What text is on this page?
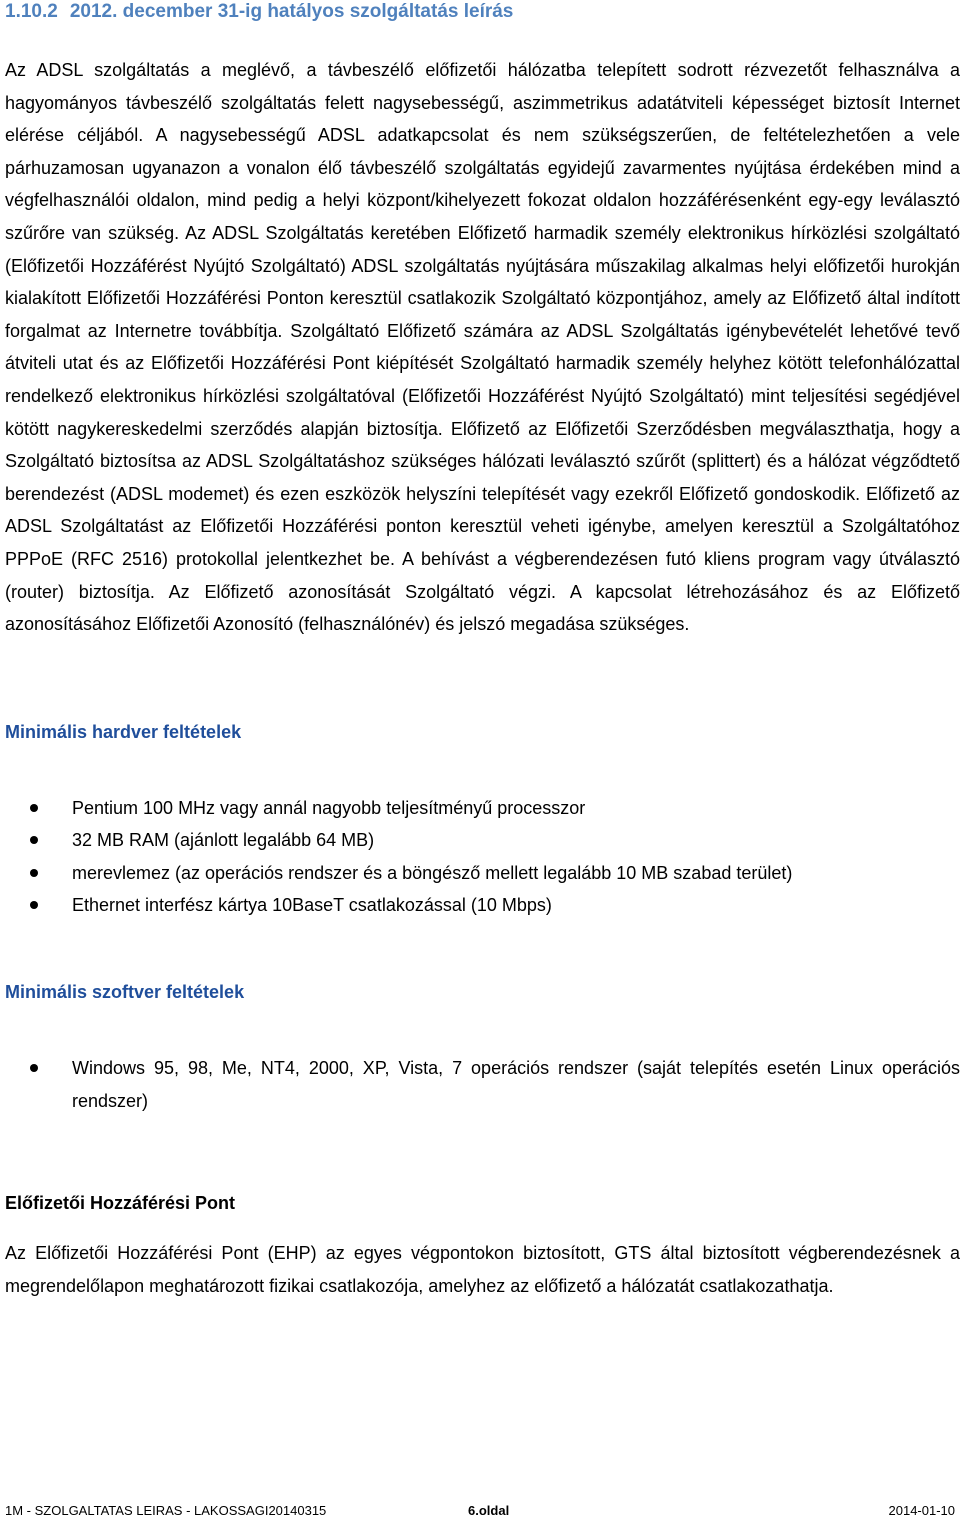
1.10.2 2012. december 31-ig hatályos szolgáltatás leírás

Az ADSL szolgáltatás a meglévő, a távbeszélő előfizetői hálózatba telepített sodrott rézvezetőt felhasználva a hagyományos távbeszélő szolgáltatás felett nagysebességű, aszimmetrikus adatátviteli képességet biztosít Internet elérése céljából. A nagysebességű ADSL adatkapcsolat és nem szükségszerűen, de feltételezhetően a vele párhuzamosan ugyanazon a vonalon élő távbeszélő szolgáltatás egyidejű zavarmentes nyújtása érdekében mind a végfelhasználói oldalon, mind pedig a helyi központ/kihelyezett fokozat oldalon hozzáférésenként egy-egy leválasztó szűrőre van szükség. Az ADSL Szolgáltatás keretében Előfizető harmadik személy elektronikus hírközlési szolgáltató (Előfizetői Hozzáférést Nyújtó Szolgáltató) ADSL szolgáltatás nyújtására műszakilag alkalmas helyi előfizetői hurokján kialakított Előfizetői Hozzáférési Ponton keresztül csatlakozik Szolgáltató központjához, amely az Előfizető által indított forgalmat az Internetre továbbítja. Szolgáltató Előfizető számára az ADSL Szolgáltatás igénybevételét lehetővé tevő átviteli utat és az Előfizetői Hozzáférési Pont kiépítését Szolgáltató harmadik személy helyhez kötött telefonhálózattal rendelkező elektronikus hírközlési szolgáltatóval (Előfizetői Hozzáférést Nyújtó Szolgáltató) mint teljesítési segédjével kötött nagykereskedelmi szerződés alapján biztosítja. Előfizető az Előfizetői Szerződésben megválaszthatja, hogy a Szolgáltató biztosítsa az ADSL Szolgáltatáshoz szükséges hálózati leválasztó szűrőt (splittert) és a hálózat végződtető berendezést (ADSL modemet) és ezen eszközök helyszíni telepítését vagy ezekről Előfizető gondoskodik. Előfizető az ADSL Szolgáltatást az Előfizetői Hozzáférési ponton keresztül veheti igénybe, amelyen keresztül a Szolgáltatóhoz PPPoE (RFC 2516) protokollal jelentkezhet be. A behívást a végberendezésen futó kliens program vagy útválasztó (router) biztosítja. Az Előfizető azonosítását Szolgáltató végzi. A kapcsolat létrehozásához és az Előfizető azonosításához Előfizetői Azonosító (felhasználónév) és jelszó megadása szükséges.

Minimális hardver feltételek
Pentium 100 MHz vagy annál nagyobb teljesítményű processzor
32 MB RAM (ajánlott legalább 64 MB)
merevlemez (az operációs rendszer és a böngésző mellett legalább 10 MB szabad terület)
Ethernet interfész kártya 10BaseT csatlakozással (10 Mbps)
Minimális szoftver feltételek
Windows 95, 98, Me, NT4, 2000, XP, Vista, 7 operációs rendszer (saját telepítés esetén Linux operációs rendszer)
Előfizetői Hozzáférési Pont

Az Előfizetői Hozzáférési Pont (EHP) az egyes végpontokon biztosított, GTS által biztosított végberendezésnek a megrendelőlapon meghatározott fizikai csatlakozója, amelyhez az előfizető a hálózatát csatlakozathatja.

1M - SZOLGALTATAS LEIRAS - LAKOSSAGI20140315	6.oldal	2014-01-10
